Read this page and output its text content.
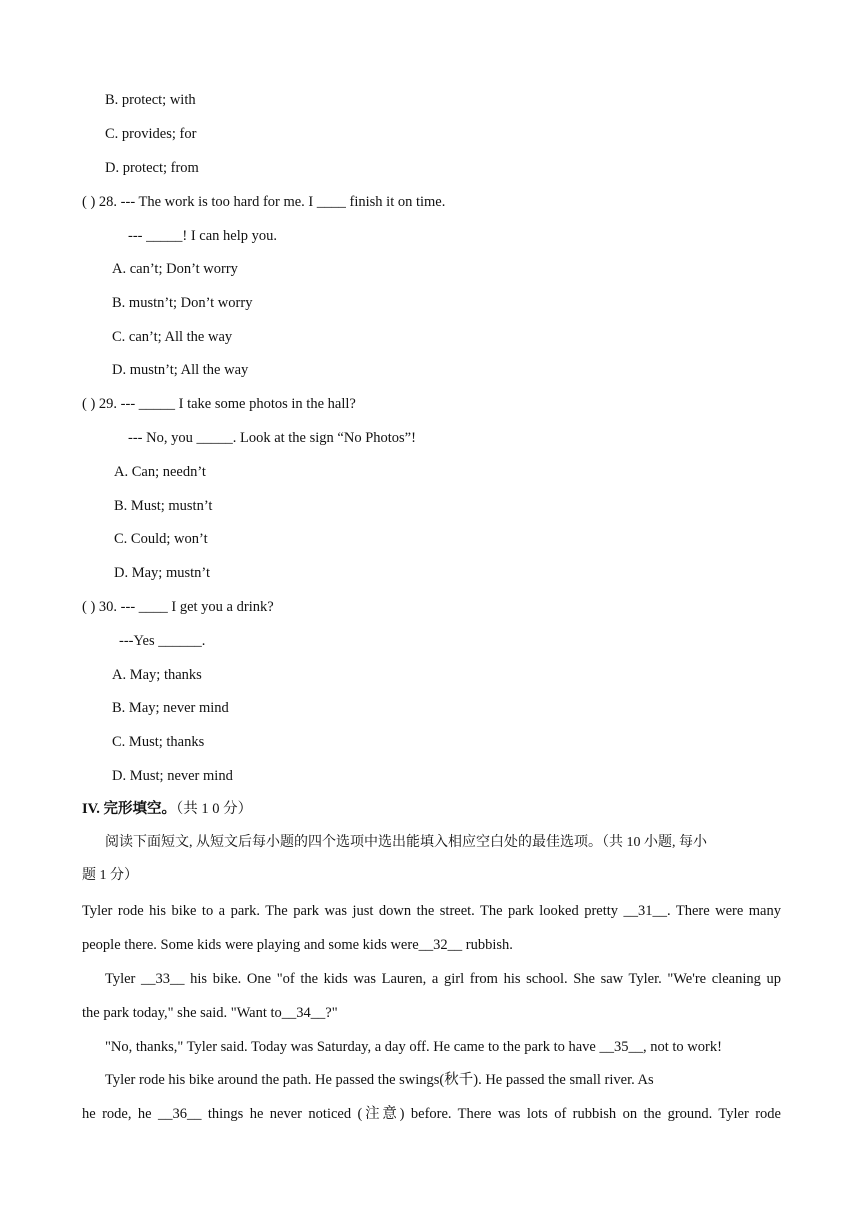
B. protect; with
C. provides; for
D. protect; from
( ) 28. --- The work is too hard for me. I ____ finish it on time.
--- _____! I can help you.
A. can’t; Don’t worry
B. mustn’t; Don’t worry
C. can’t; All the way
D. mustn’t; All the way
( ) 29. --- _____ I take some photos in the hall?
--- No, you _____. Look at the sign “No Photos”!
A. Can; needn’t
B. Must; mustn’t
C. Could; won’t
D. May; mustn’t
( ) 30. --- ____ I get you a drink?
---Yes ______.
A. May; thanks
B. May; never mind
C. Must; thanks
D. Must; never mind
IV. 完形填空。（共 1 0 分）
阅读下面短文, 从短文后每小题的四个选项中选出能填入相应空白处的最佳选项。（共 10 小题, 每小
题 1 分）
Tyler rode his bike to a park. The park was just down the street. The park looked pretty __31__. There were many
people there. Some kids were playing and some kids were__32__ rubbish.
Tyler __33__ his bike. One "of the kids was Lauren, a girl from his school. She saw Tyler. "We're cleaning up
the park today," she said. "Want to__34__?"
"No, thanks," Tyler said. Today was Saturday, a day off. He came to the park to have __35__, not to work!
Tyler rode his bike around the path. He passed the swings(秋千). He passed the small river. As
he rode, he __36__ things he never noticed (注意) before. There was lots of rubbish on the ground. Tyler rode
